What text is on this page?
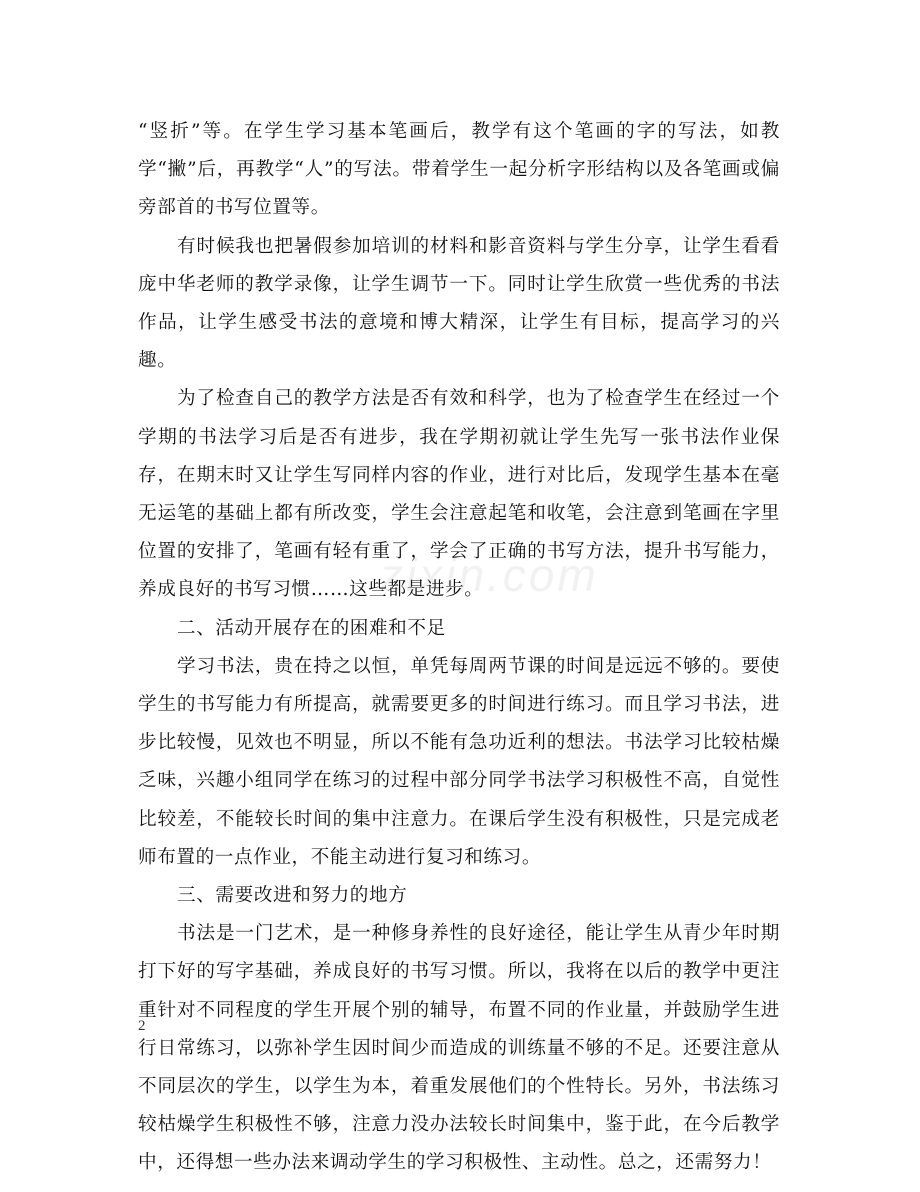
“竖折”等。在学生学习基本笔画后，教学有这个笔画的字的写法，如教学“撇”后，再教学“人”的写法。带着学生一起分析字形结构以及各笔画或偏旁部首的书写位置等。

有时候我也把暑假参加培训的材料和影音资料与学生分享，让学生看看庞中华老师的教学录像，让学生调节一下。同时让学生欣赏一些优秀的书法作品，让学生感受书法的意境和博大精深，让学生有目标，提高学习的兴趣。

为了检查自己的教学方法是否有效和科学，也为了检查学生在经过一个学期的书法学习后是否有进步，我在学期初就让学生先写一张书法作业保存，在期末时又让学生写同样内容的作业，进行对比后，发现学生基本在毫无运笔的基础上都有所改变，学生会注意起笔和收笔，会注意到笔画在字里位置的安排了，笔画有轻有重了，学会了正确的书写方法，提升书写能力，养成良好的书写习惯……这些都是进步。

二、活动开展存在的困难和不足

学习书法，贵在持之以恒，单凭每周两节课的时间是远远不够的。要使学生的书写能力有所提高，就需要更多的时间进行练习。而且学习书法，进步比较慢，见效也不明显，所以不能有急功近利的想法。书法学习比较枯燥乏味，兴趣小组同学在练习的过程中部分同学书法学习积极性不高，自觉性比较差，不能较长时间的集中注意力。在课后学生没有积极性，只是完成老师布置的一点作业，不能主动进行复习和练习。

三、需要改进和努力的地方

书法是一门艺术，是一种修身养性的良好途径，能让学生从青少年时期打下好的写字基础，养成良好的书写习惯。所以，我将在以后的教学中更注重针对不同程度的学生开展个别的辅导，布置不同的作业量，并鼓励学生进行日常练习，以弥补学生因时间少而造成的训练量不够的不足。还要注意从不同层次的学生，以学生为本，着重发展他们的个性特长。另外，书法练习较枯燥学生积极性不够，注意力没办法较长时间集中，鉴于此，在今后教学中，还得想一些办法来调动学生的学习积极性、主动性。总之，还需努力！

zixin.com
2
